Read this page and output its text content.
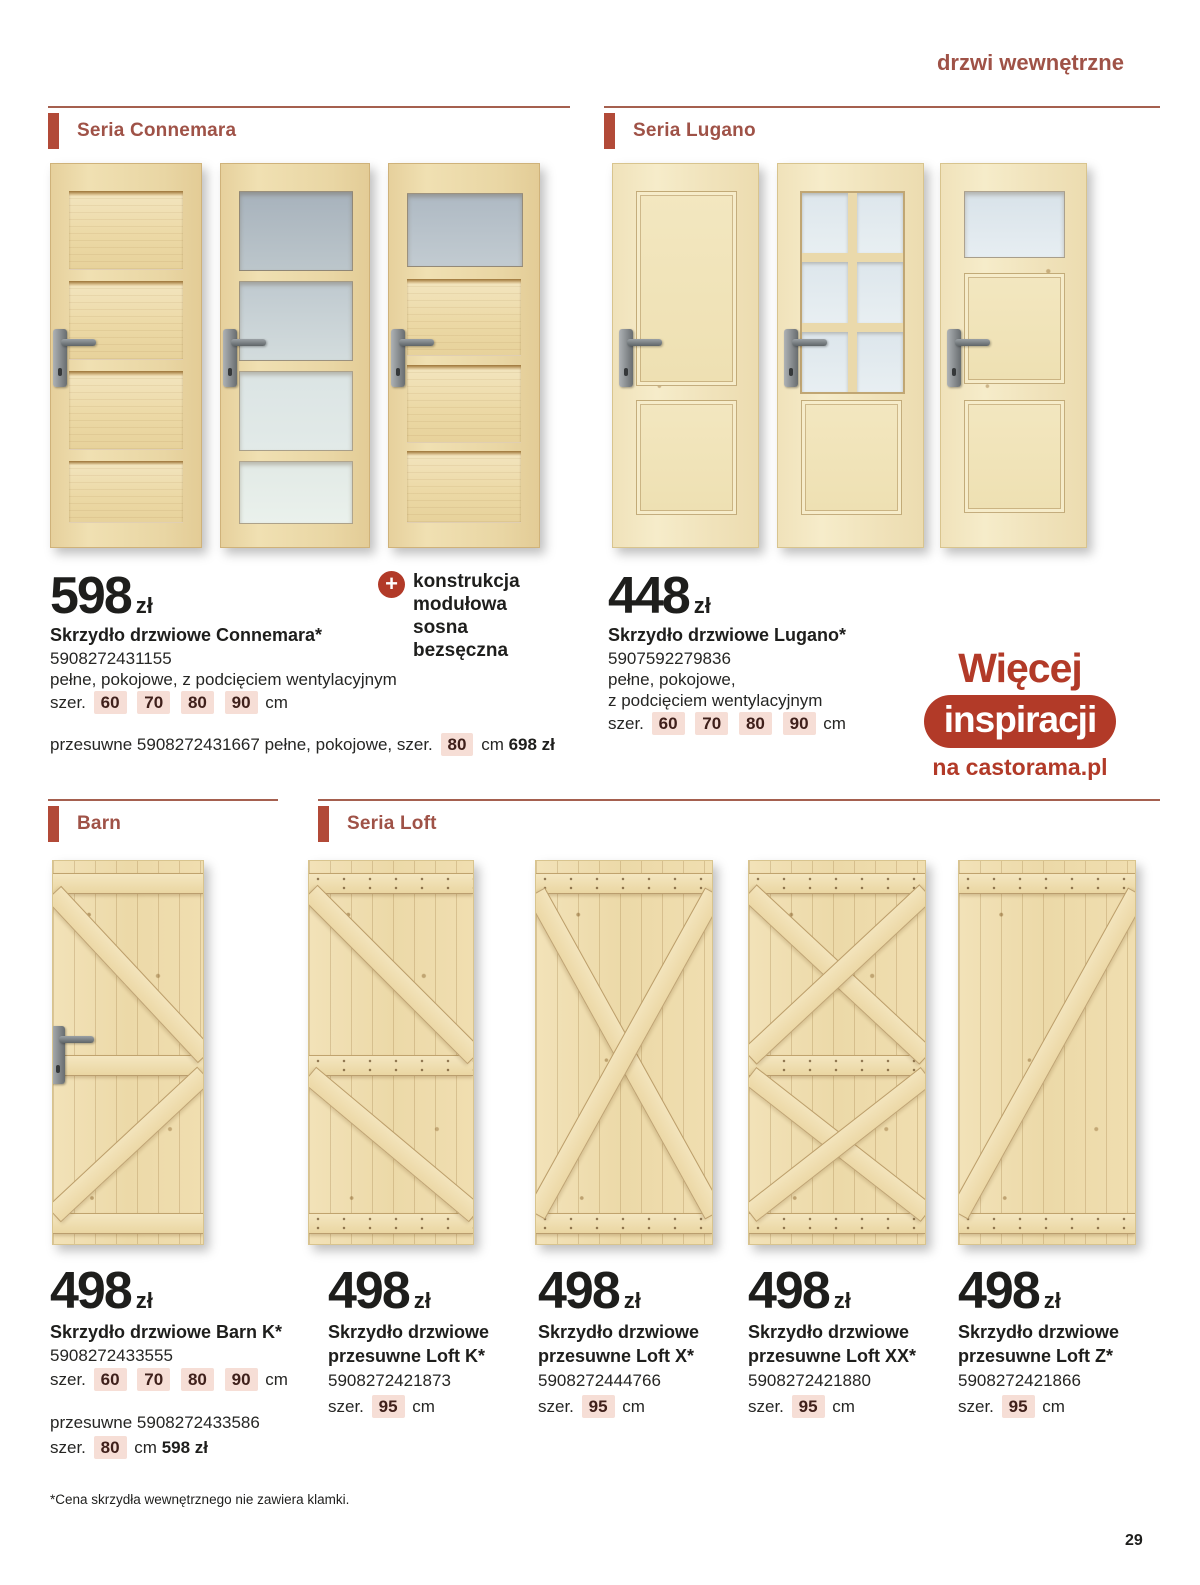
drzwi wewnętrzne
Seria Connemara	Seria Lugano
Barn	Seria Loft
598 zł
Skrzydło drzwiowe Connemara*
5908272431155
pełne, pokojowe, z podcięciem wentylacyjnym
szer. 60 70 80 90 cm
przesuwne 5908272431667 pełne, pokojowe, szer. 80 cm 698 zł
+ konstrukcja
modułowa
sosna
bezsęczna
448 zł
Skrzydło drzwiowe Lugano*
5907592279836
pełne, pokojowe,
z podcięciem wentylacyjnym
szer. 60 70 80 90 cm
Więcej
inspiracji
na castorama.pl
498 zł
Skrzydło drzwiowe Barn K*
5908272433555
szer. 60 70 80 90 cm
przesuwne 5908272433586
szer. 80 cm 598 zł
498 zł
Skrzydło drzwiowe
przesuwne Loft K*
5908272421873
szer. 95 cm
498 zł
Skrzydło drzwiowe
przesuwne Loft X*
5908272444766
szer. 95 cm
498 zł
Skrzydło drzwiowe
przesuwne Loft XX*
5908272421880
szer. 95 cm
498 zł
Skrzydło drzwiowe
przesuwne Loft Z*
5908272421866
szer. 95 cm
*Cena skrzydła wewnętrznego nie zawiera klamki.
29
